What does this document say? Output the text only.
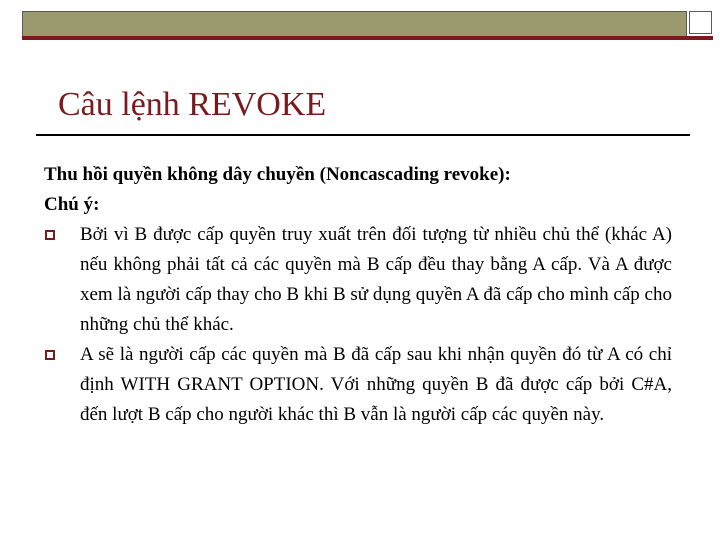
Câu lệnh REVOKE
Thu hồi quyền không dây chuyền (Noncascading revoke):
Chú ý:
Bởi vì B được cấp quyền truy xuất trên đối tượng từ nhiều chủ thể (khác A) nếu không phải tất cả các quyền mà B cấp đều thay bằng A cấp. Và A được xem là người cấp thay cho B khi B sử dụng quyền A đã cấp cho mình cấp cho những chủ thể khác.
A sẽ là người cấp các quyền mà B đã cấp sau khi nhận quyền đó từ A có chỉ định WITH GRANT OPTION. Với những quyền B đã được cấp bởi C#A, đến lượt B cấp cho người khác thì B vẫn là người cấp các quyền này.
